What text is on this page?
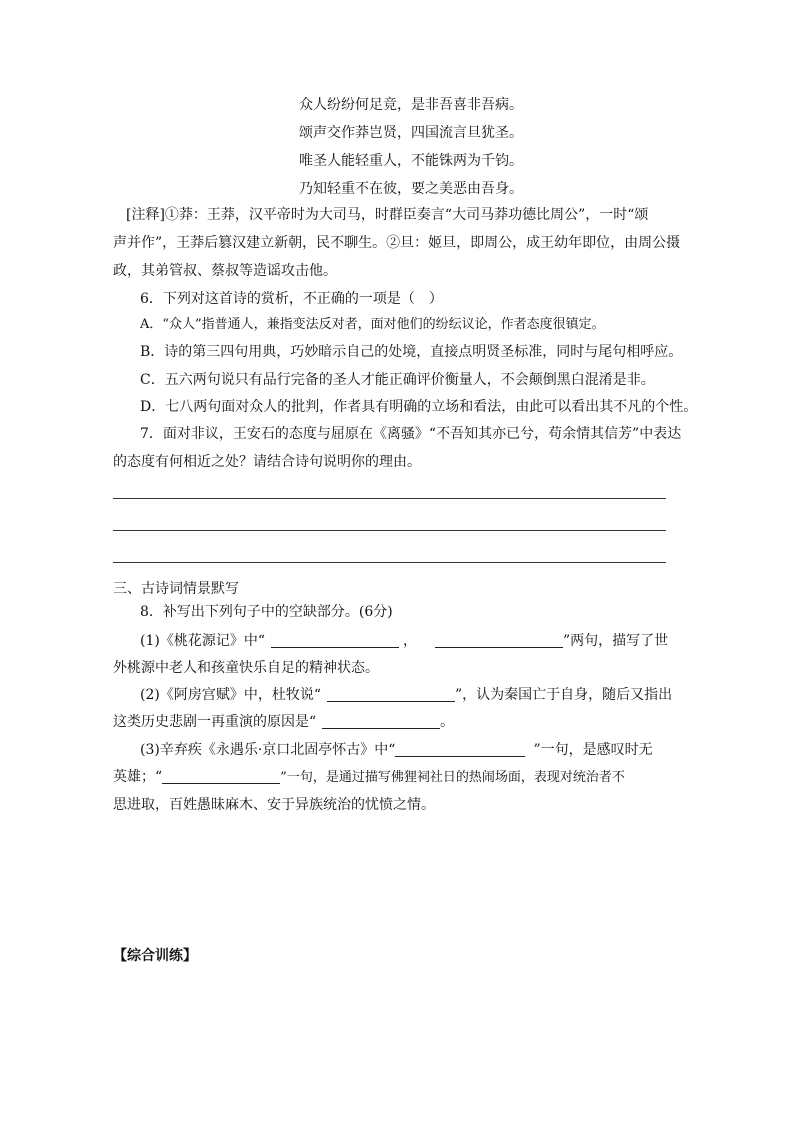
众人纷纷何足竞，是非吾喜非吾病。
颂声交作莽岂贤，四国流言旦犹圣。
唯圣人能轻重人，不能铢两为千钧。
乃知轻重不在彼，要之美恶由吾身。
[注释]①莽：王莽，汉平帝时为大司马，时群臣奏言“大司马莽功德比周公”，一时“颂
声并作”，王莽后篡汉建立新朝，民不聊生。②旦：姬旦，即周公，成王幼年即位，由周公摄
政，其弟管叔、蔡叔等造谣攻击他。
6．下列对这首诗的赏析，不正确的一项是（　）
A．“众人”指普通人，兼指变法反对者，面对他们的纷纭议论，作者态度很镇定。
B．诗的第三四句用典，巧妙暗示自己的处境，直接点明贤圣标准，同时与尾句相呼应。
C．五六两句说只有品行完备的圣人才能正确评价衡量人，不会颠倒黑白混淆是非。
D．七八两句面对众人的批判，作者具有明确的立场和看法，由此可以看出其不凡的个性。
7．面对非议，王安石的态度与屈原在《离骚》“不吾知其亦已兮，苟余情其信芳”中表达
的态度有何相近之处？请结合诗句说明你的理由。
三、古诗词情景默写
8．补写出下列句子中的空缺部分。(6分)
(1)《桃花源记》中“	，	”两句，描写了世
外桃源中老人和孩童快乐自足的精神状态。
(2)《阿房宫赋》中，杜牧说“	”，认为秦国亡于自身，随后又指出
这类历史悲剧一再重演的原因是“	。
(3)辛弃疾《永遇乐·京口北固亭怀古》中“	”一句，是感叹时无
英雄；“	”一句，是通过描写佛狸祠社日的热闹场面，表现对统治者不
思进取，百姓愚昧麻木、安于异族统治的忧愤之情。
【综合训练】
